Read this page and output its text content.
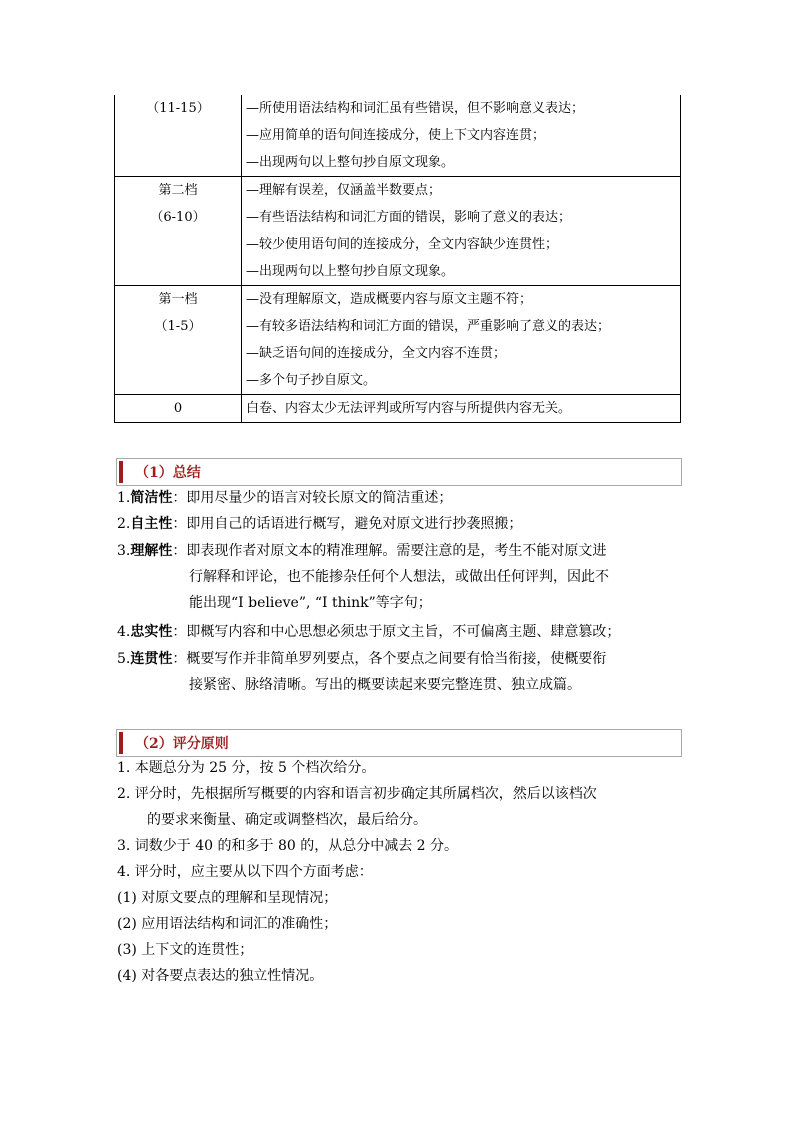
（11-15）	—所使用语法结构和词汇虽有些错误，但不影响意义表达；
—应用简单的语句间连接成分，使上下文内容连贯；
—出现两句以上整句抄自原文现象。

第二档
（6-10）	—理解有误差，仅涵盖半数要点；
—有些语法结构和词汇方面的错误，影响了意义的表达；
—较少使用语句间的连接成分，全文内容缺少连贯性；
—出现两句以上整句抄自原文现象。

第一档
（1-5）	—没有理解原文，造成概要内容与原文主题不符；
—有较多语法结构和词汇方面的错误，严重影响了意义的表达；
—缺乏语句间的连接成分，全文内容不连贯；
—多个句子抄自原文。

0	白卷、内容太少无法评判或所写内容与所提供内容无关。
（1）总结
1.简洁性：即用尽量少的语言对较长原文的简洁重述；
2.自主性：即用自己的话语进行概写，避免对原文进行抄袭照搬；
3.理解性：即表现作者对原文本的精准理解。需要注意的是，考生不能对原文进
行解释和评论，也不能掺杂任何个人想法，或做出任何评判，因此不
能出现“I believe”, “I think”等字句；
4.忠实性：即概写内容和中心思想必须忠于原文主旨，不可偏离主题、肆意篡改；
5.连贯性：概要写作并非简单罗列要点，各个要点之间要有恰当衔接，使概要衔
接紧密、脉络清晰。写出的概要读起来要完整连贯、独立成篇。
（2）评分原则
1. 本题总分为 25 分，按 5 个档次给分。
2. 评分时，先根据所写概要的内容和语言初步确定其所属档次，然后以该档次
的要求来衡量、确定或调整档次，最后给分。
3. 词数少于 40 的和多于 80 的，从总分中减去 2 分。
4. 评分时，应主要从以下四个方面考虑：
(1) 对原文要点的理解和呈现情况；
(2) 应用语法结构和词汇的准确性；
(3) 上下文的连贯性；
(4) 对各要点表达的独立性情况。
